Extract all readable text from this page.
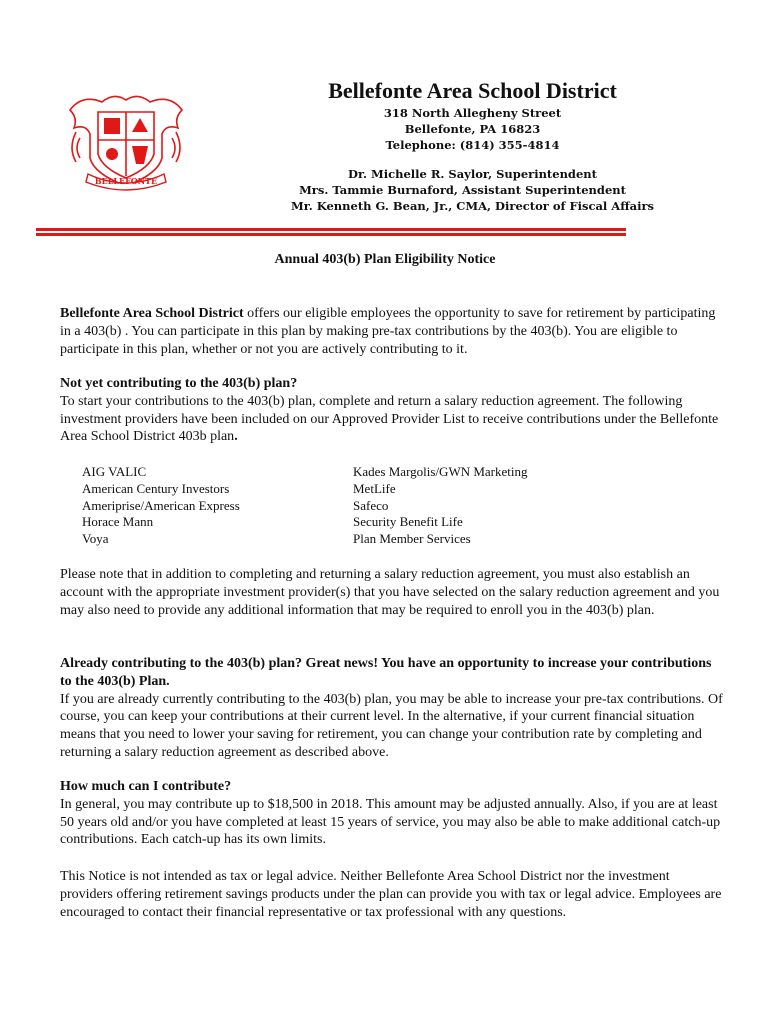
BELLEFONTE
Bellefonte Area School District
318 North Allegheny Street
Bellefonte, PA 16823
Telephone: (814) 355-4814
Dr. Michelle R. Saylor, Superintendent
Mrs. Tammie Burnaford, Assistant Superintendent
Mr. Kenneth G. Bean, Jr., CMA, Director of Fiscal Affairs
Annual 403(b) Plan Eligibility Notice

Bellefonte Area School District offers our eligible employees the opportunity to save for retirement by participating in a 403(b) . You can participate in this plan by making pre-tax contributions by the 403(b). You are eligible to participate in this plan, whether or not you are actively contributing to it.

Not yet contributing to the 403(b) plan?

To start your contributions to the 403(b) plan, complete and return a salary reduction agreement. The following investment providers have been included on our Approved Provider List to receive contributions under the Bellefonte Area School District 403b plan.

AIG VALIC
American Century Investors
Ameriprise/American Express
Horace Mann
Voya
Kades Margolis/GWN Marketing
MetLife
Safeco
Security Benefit Life
Plan Member Services

Please note that in addition to completing and returning a salary reduction agreement, you must also establish an account with the appropriate investment provider(s) that you have selected on the salary reduction agreement and you may also need to provide any additional information that may be required to enroll you in the 403(b) plan.

Already contributing to the 403(b) plan? Great news! You have an opportunity to increase your contributions to the 403(b) Plan.

If you are already currently contributing to the 403(b) plan, you may be able to increase your pre-tax contributions. Of course, you can keep your contributions at their current level. In the alternative, if your current financial situation means that you need to lower your saving for retirement, you can change your contribution rate by completing and returning a salary reduction agreement as described above.

How much can I contribute?

In general, you may contribute up to $18,500 in 2018. This amount may be adjusted annually. Also, if you are at least 50 years old and/or you have completed at least 15 years of service, you may also be able to make additional catch-up contributions. Each catch-up has its own limits.

This Notice is not intended as tax or legal advice. Neither Bellefonte Area School District nor the investment providers offering retirement savings products under the plan can provide you with tax or legal advice. Employees are encouraged to contact their financial representative or tax professional with any questions.
